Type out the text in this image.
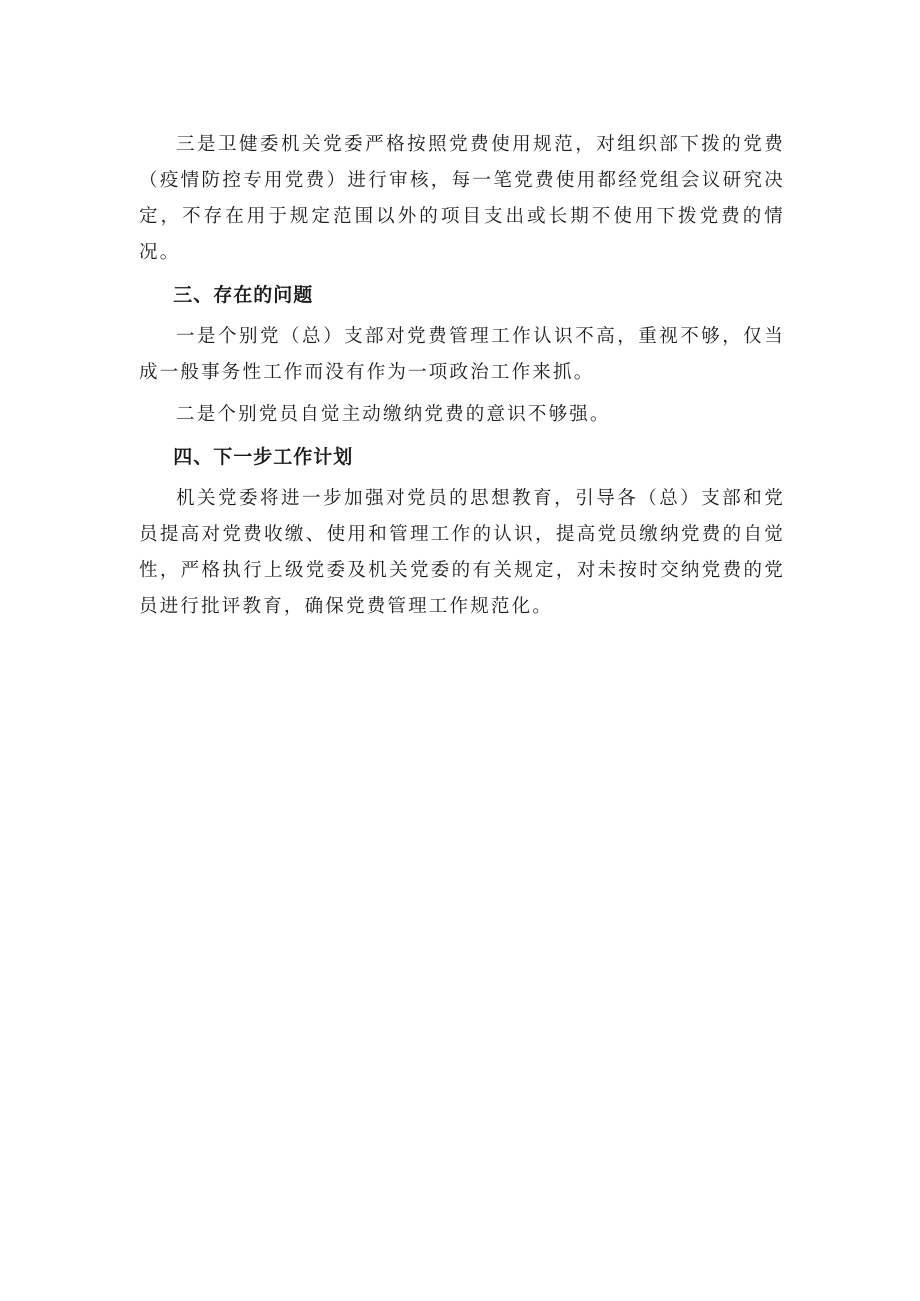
三是卫健委机关党委严格按照党费使用规范，对组织部下拨的党费（疫情防控专用党费）进行审核，每一笔党费使用都经党组会议研究决定，不存在用于规定范围以外的项目支出或长期不使用下拨党费的情况。

三、存在的问题

一是个别党（总）支部对党费管理工作认识不高，重视不够，仅当成一般事务性工作而没有作为一项政治工作来抓。

二是个别党员自觉主动缴纳党费的意识不够强。

四、下一步工作计划

机关党委将进一步加强对党员的思想教育，引导各（总）支部和党员提高对党费收缴、使用和管理工作的认识，提高党员缴纳党费的自觉性，严格执行上级党委及机关党委的有关规定，对未按时交纳党费的党员进行批评教育，确保党费管理工作规范化。
